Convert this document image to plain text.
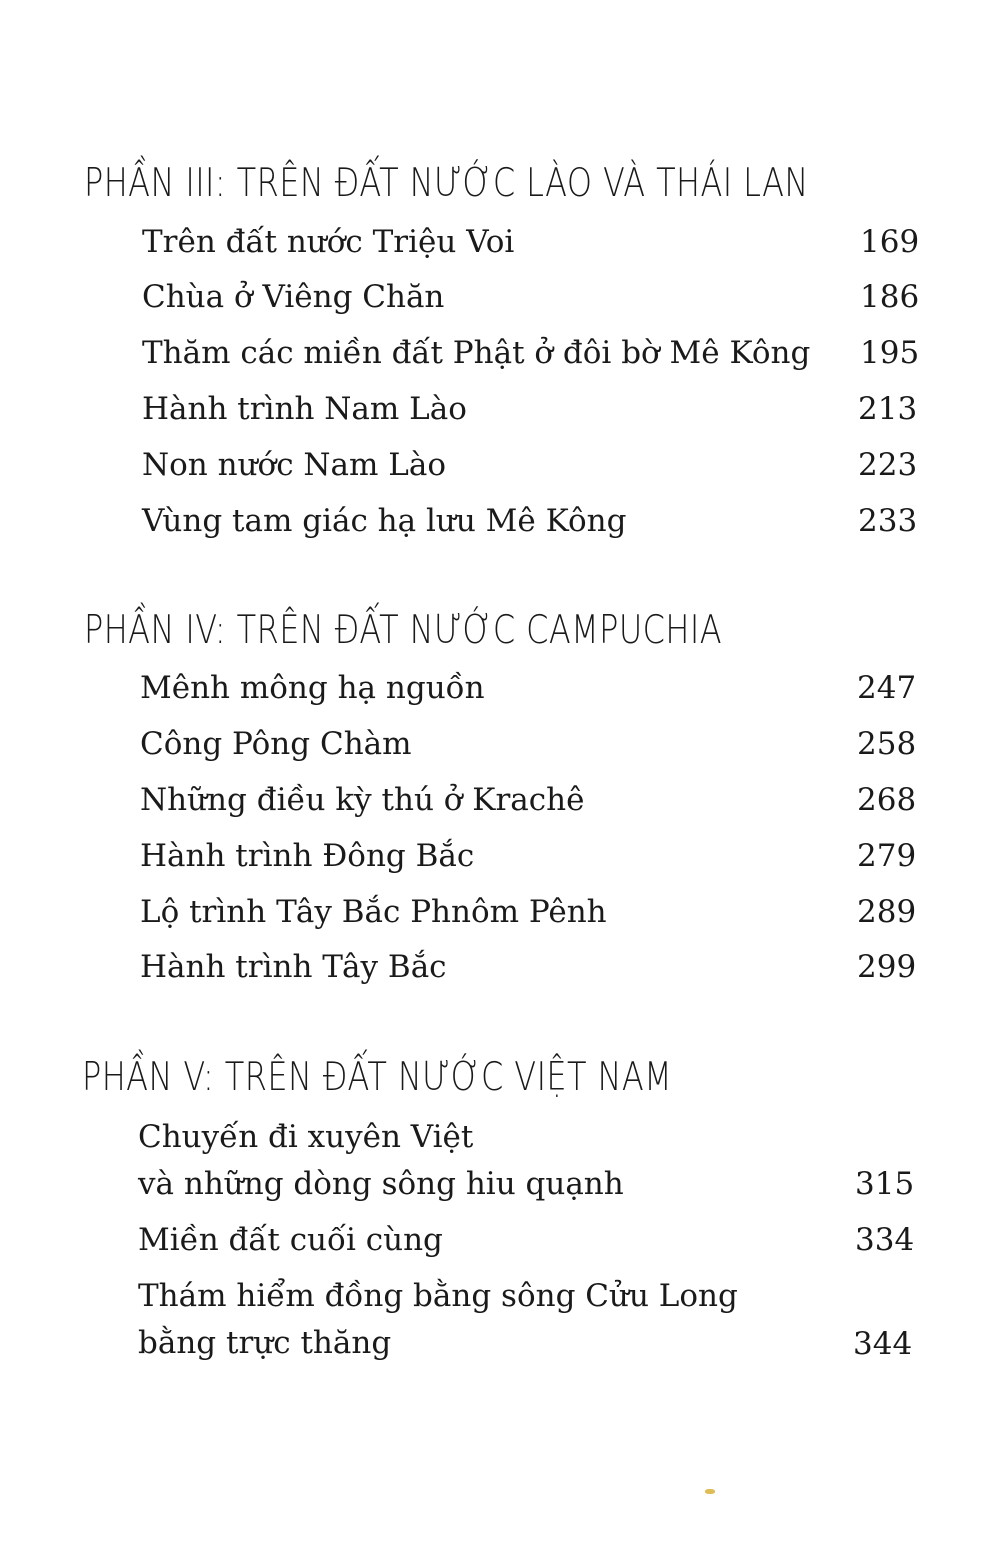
PHẦN III: TRÊN ĐẤT NƯỚC LÀO VÀ THÁI LAN
Trên đất nước Triệu Voi	169
Chùa ở Viêng Chăn	186
Thăm các miền đất Phật ở đôi bờ Mê Kông 195
Hành trình Nam Lào	213
Non nước Nam Lào	223
Vùng tam giác hạ lưu Mê Kông	233
PHẦN IV: TRÊN ĐẤT NƯỚC CAMPUCHIA
Mênh mông hạ nguồn	247
Công Pông Chàm	258
Những điều kỳ thú ở Krachê	268
Hành trình Đông Bắc	279
Lộ trình Tây Bắc Phnôm Pênh	289
Hành trình Tây Bắc	299
PHẦN V: TRÊN ĐẤT NƯỚC VIỆT NAM
Chuyến đi xuyên Việt
và những dòng sông hiu quạnh	315
Miền đất cuối cùng	334
Thám hiểm đồng bằng sông Cửu Long
bằng trực thăng	344
